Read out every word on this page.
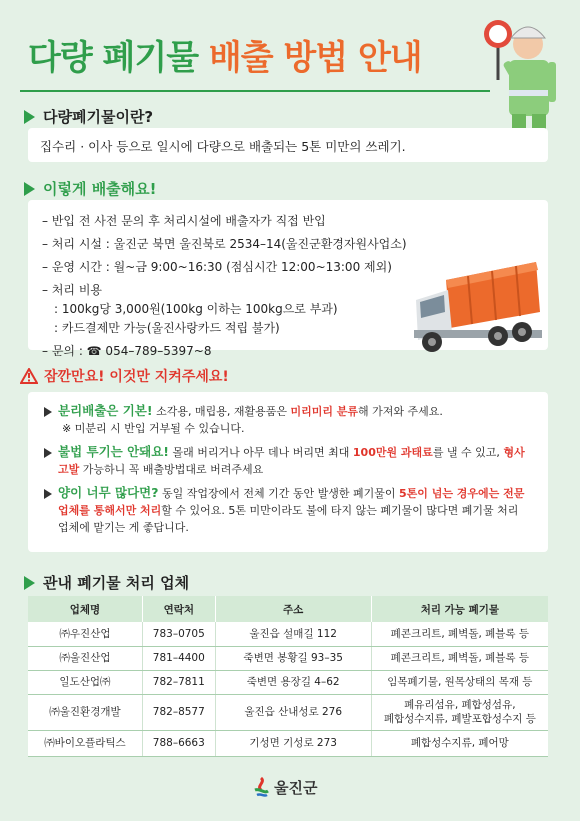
다량 폐기물 배출 방법 안내
다량폐기물이란?
집수리 · 이사 등으로 일시에 다량으로 배출되는 5톤 미만의 쓰레기.
이렇게 배출해요!
– 반입 전 사전 문의 후 처리시설에 배출자가 직접 반입
– 처리 시설 : 울진군 북면 울진북로 2534–14(울진군환경자원사업소)
– 운영 시간 : 월~금 9:00~16:30 (점심시간 12:00~13:00 제외)
– 처리 비용
: 100kg당 3,000원(100kg 이하는 100kg으로 부과)
: 카드결제만 가능(울진사랑카드 적립 불가)
– 문의 : ☎ 054–789–5397~8
잠깐만요! 이것만 지켜주세요!
분리배출은 기본! 소각용, 매립용, 재활용품은 미리미리 분류해 가져와 주세요.
※ 미분리 시 반입 거부될 수 있습니다.
불법 투기는 안돼요! 몰래 버리거나 아무 데나 버리면 최대 100만원 과태료를 낼 수 있고, 형사 고발 가능하니 꼭 배출방법대로 버려주세요
양이 너무 많다면? 동일 작업장에서 전체 기간 동안 발생한 폐기물이 5톤이 넘는 경우에는 전문 업체를 통해서만 처리할 수 있어요. 5톤 미만이라도 불에 타지 않는 폐기물이 많다면 폐기물 처리 업체에 맡기는 게 좋답니다.
관내 폐기물 처리 업체
업체명	연락처	주소	처리 가능 폐기물
㈜우진산업	783–0705	울진읍 설매길 112	폐콘크리트, 폐벽돌, 폐블록 등
㈜울진산업	781–4400	죽변면 봉황길 93–35	폐콘크리트, 폐벽돌, 폐블록 등
일도산업㈜	782–7811	죽변면 용장길 4–62	임목폐기물, 원목상태의 목재 등
㈜울진환경개발	782–8577	울진읍 산내성로 276	폐유리섬유, 폐합성섬유,
폐합성수지류, 폐발포합성수지 등

㈜바이오플라틱스	788–6663	기성면 기성로 273	폐합성수지류, 폐어망
울진군
